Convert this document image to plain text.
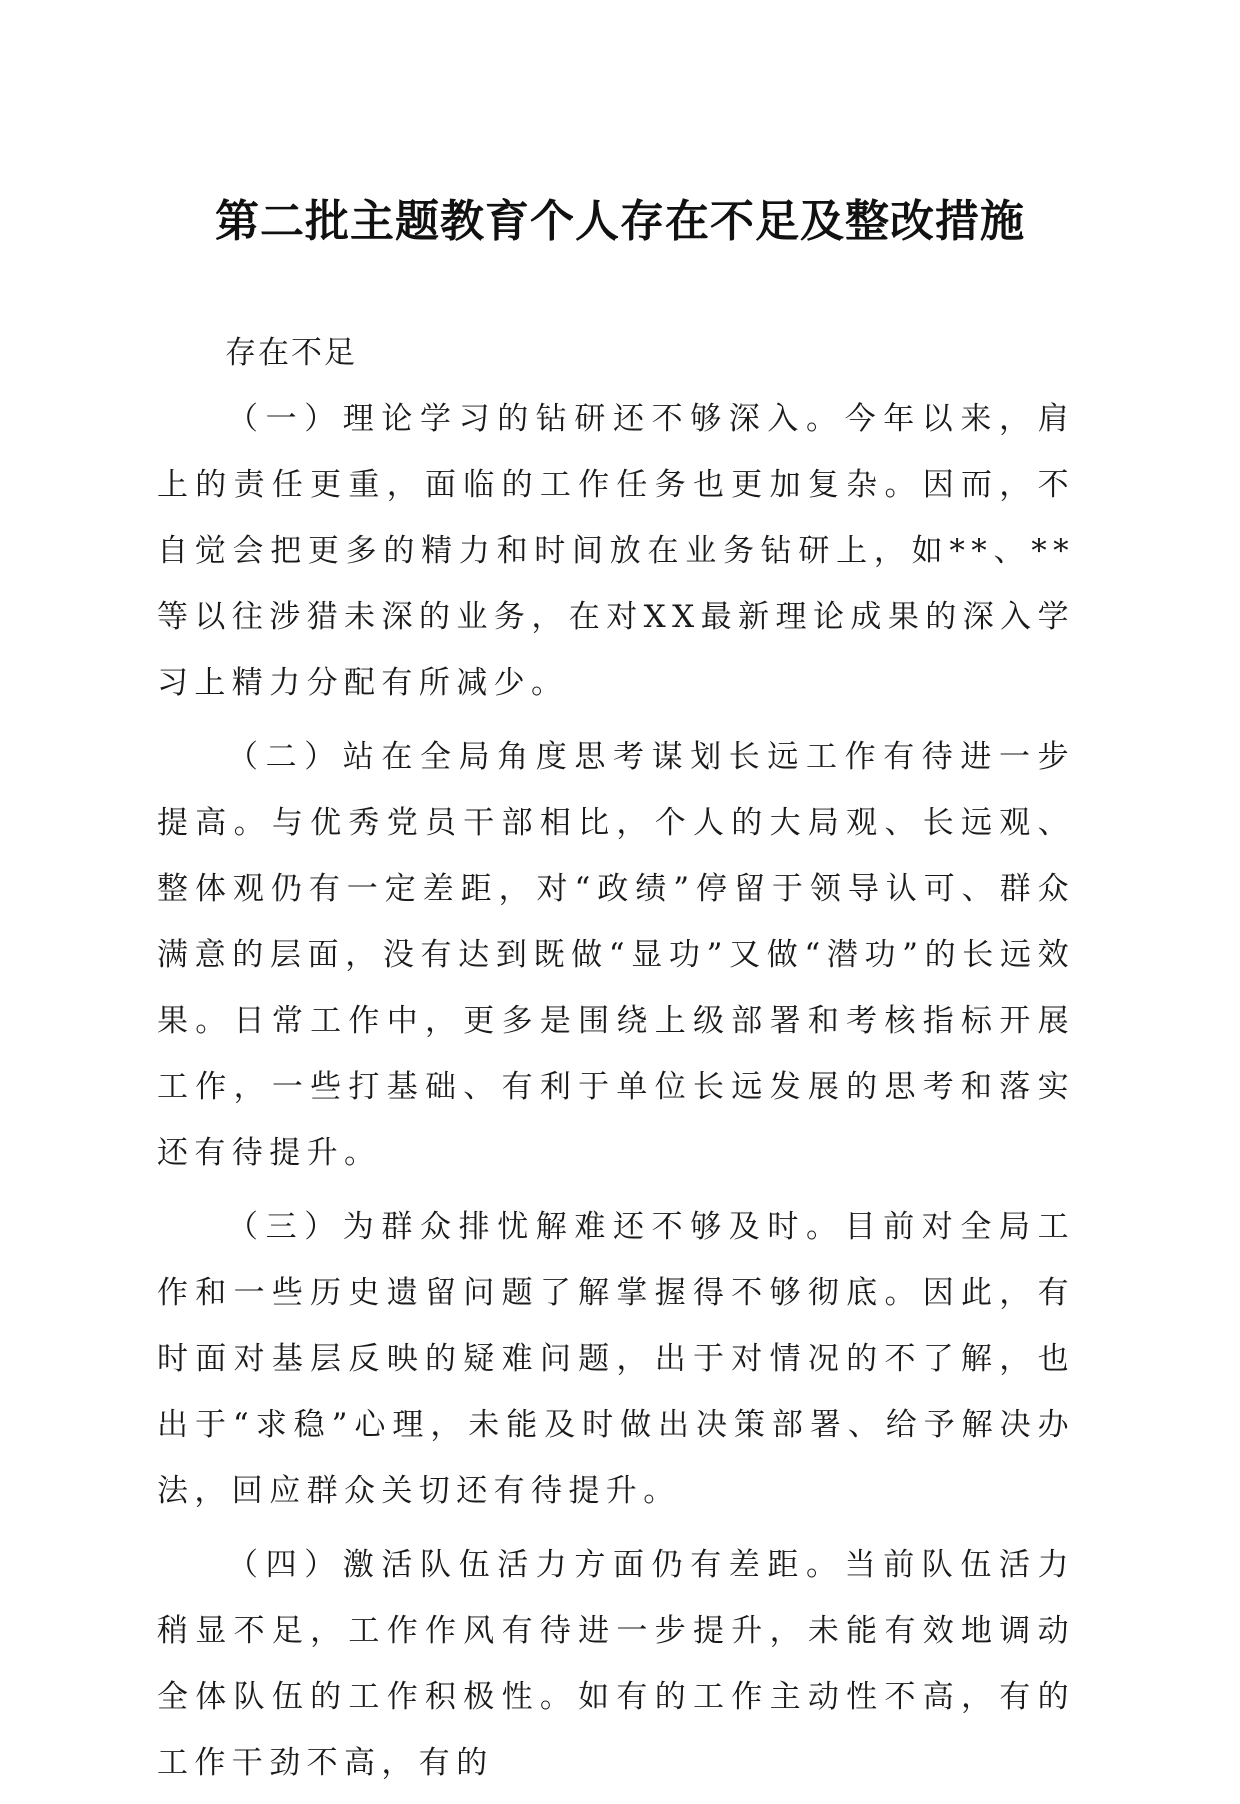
第二批主题教育个人存在不足及整改措施

存在不足

（一）理论学习的钻研还不够深入。今年以来，肩上的责任更重，面临的工作任务也更加复杂。因而，不自觉会把更多的精力和时间放在业务钻研上，如**、**等以往涉猎未深的业务，在对XX最新理论成果的深入学习上精力分配有所减少。

（二）站在全局角度思考谋划长远工作有待进一步提高。与优秀党员干部相比，个人的大局观、长远观、整体观仍有一定差距，对“政绩”停留于领导认可、群众满意的层面，没有达到既做“显功”又做“潜功”的长远效果。日常工作中，更多是围绕上级部署和考核指标开展工作，一些打基础、有利于单位长远发展的思考和落实还有待提升。

（三）为群众排忧解难还不够及时。目前对全局工作和一些历史遗留问题了解掌握得不够彻底。因此，有时面对基层反映的疑难问题，出于对情况的不了解，也出于“求稳”心理，未能及时做出决策部署、给予解决办法，回应群众关切还有待提升。

（四）激活队伍活力方面仍有差距。当前队伍活力稍显不足，工作作风有待进一步提升，未能有效地调动全体队伍的工作积极性。如有的工作主动性不高，有的工作干劲不高，有的
